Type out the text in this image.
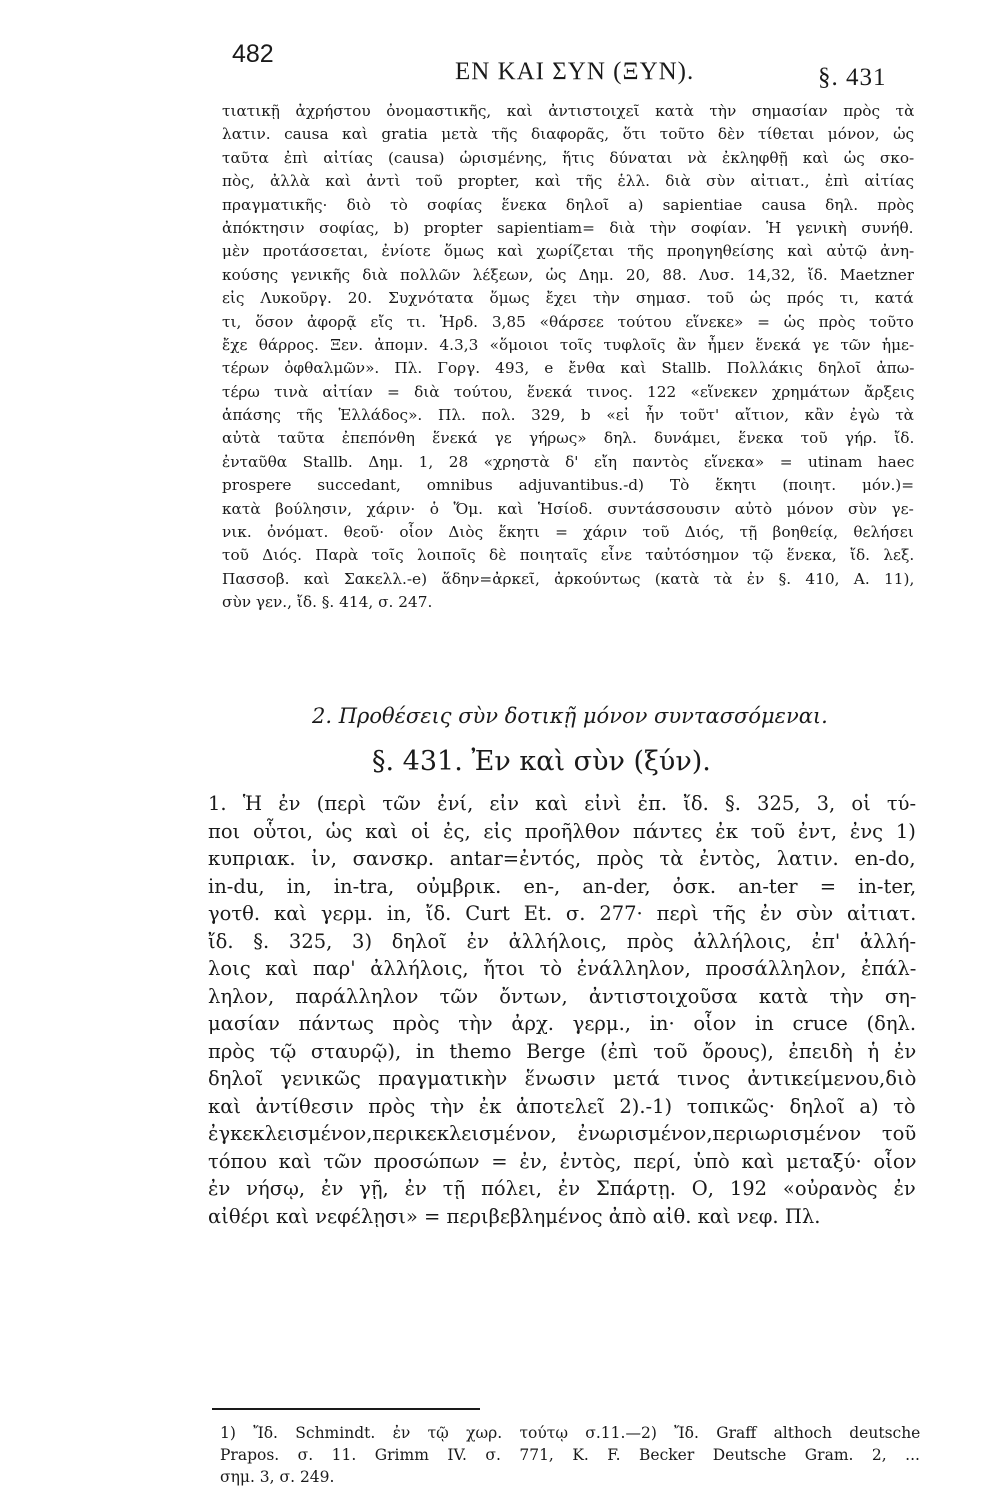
482
ΕΝ ΚΑΙ ΣΥΝ (ΞΥΝ).	§. 431
τιατικῇ ἀχρήστου ὀνομαστικῆς, καὶ ἀντιστοιχεῖ κατὰ τὴν σημασίαν πρὸς τὰ
λατιν. causa καὶ gratia μετὰ τῆς διαφορᾶς, ὅτι τοῦτο δὲν τίθεται μόνον, ὡς
ταῦτα ἐπὶ αἰτίας (causa) ὡρισμένης, ἥτις δύναται νὰ ἐκληφθῇ καὶ ὡς σκο-
πὸς, ἀλλὰ καὶ ἀντὶ τοῦ propter, καὶ τῆς ἑλλ. διὰ σὺν αἰτιατ., ἐπὶ αἰτίας
πραγματικῆς· διὸ τὸ σοφίας ἕνεκα δηλοῖ a) sapientiae causa δηλ. πρὸς
ἀπόκτησιν σοφίας, b) propter sapientiam= διὰ τὴν σοφίαν. Ἡ γενικὴ συνήθ.
μὲν προτάσσεται, ἐνίοτε ὅμως καὶ χωρίζεται τῆς προηγηθείσης καὶ αὐτῷ ἀνη-
κούσης γενικῆς διὰ πολλῶν λέξεων, ὡς Δημ. 20, 88. Λυσ. 14,32, ἴδ. Maetzner
εἰς Λυκοῦργ. 20. Συχνότατα ὅμως ἔχει τὴν σημασ. τοῦ ὡς πρός τι, κατά
τι, ὅσον ἀφορᾷ εἴς τι. Ἡρδ. 3,85 «θάρσεε τούτου εἵνεκε» = ὡς πρὸς τοῦτο
ἔχε θάρρος. Ξεν. ἀπομν. 4.3,3 «ὅμοιοι τοῖς τυφλοῖς ἂν ἦμεν ἕνεκά γε τῶν ἡμε-
τέρων ὀφθαλμῶν». Πλ. Γοργ. 493, e ἔνθα καὶ Stallb. Πολλάκις δηλοῖ ἀπω-
τέρω τινὰ αἰτίαν = διὰ τούτου, ἕνεκά τινος. 122 «εἵνεκεν χρημάτων ἄρξεις
ἁπάσης τῆς Ἑλλάδος». Πλ. πολ. 329, b «εἰ ἦν τοῦτ' αἴτιον, κἂν ἐγὼ τὰ
αὐτὰ ταῦτα ἐπεπόνθη ἕνεκά γε γήρως» δηλ. δυνάμει, ἕνεκα τοῦ γήρ. ἴδ.
ἐνταῦθα Stallb. Δημ. 1, 28 «χρηστὰ δ' εἴη παντὸς εἵνεκα» = utinam haec
prospere succedant, omnibus adjuvantibus.-d) Τὸ ἕκητι (ποιητ. μόν.)=
κατὰ βούλησιν, χάριν· ὁ Ὅμ. καὶ Ἡσίοδ. συντάσσουσιν αὐτὸ μόνον σὺν γε-
νικ. ὀνόματ. θεοῦ· οἷον Διὸς ἕκητι = χάριν τοῦ Διός, τῇ βοηθείᾳ, θελήσει
τοῦ Διός. Παρὰ τοῖς λοιποῖς δὲ ποιηταῖς εἶνε ταὐτόσημον τῷ ἕνεκα, ἴδ. λεξ.
Πασσοβ. καὶ Σακελλ.-e) ἅδην=ἀρκεῖ, ἀρκούντως (κατὰ τὰ ἐν §. 410, Α. 11),
σὺν γεν., ἴδ. §. 414, σ. 247.
2. Προθέσεις σὺν δοτικῇ μόνον συντασσόμεναι.
§. 431. Ἐν καὶ σὺν (ξύν).
1. Ἡ ἐν (περὶ τῶν ἐνί, εἰν καὶ εἰνὶ ἐπ. ἴδ. §. 325, 3, οἱ τύ-
ποι οὗτοι, ὡς καὶ οἱ ἐς, εἰς προῆλθον πάντες ἐκ τοῦ ἐντ, ἐνς 1)
κυπριακ. ἰν, σανσκρ. antar=ἐντός, πρὸς τὰ ἐντὸς, λατιν. en-do,
in-du, in, in-tra, οὐμβρικ. en-, an-der, ὀσκ. an-ter = in-ter,
γοτθ. καὶ γερμ. in, ἴδ. Curt Et. σ. 277· περὶ τῆς ἐν σὺν αἰτιατ.
ἴδ. §. 325, 3) δηλοῖ ἐν ἀλλήλοις, πρὸς ἀλλήλοις, ἐπ' ἀλλή-
λοις καὶ παρ' ἀλλήλοις, ἤτοι τὸ ἐνάλληλον, προσάλληλον, ἐπάλ-
ληλον, παράλληλον τῶν ὄντων, ἀντιστοιχοῦσα κατὰ τὴν ση-
μασίαν πάντως πρὸς τὴν ἀρχ. γερμ., in· οἷον in cruce (δηλ.
πρὸς τῷ σταυρῷ), in themo Berge (ἐπὶ τοῦ ὄρους), ἐπειδὴ ἡ ἐν
δηλοῖ γενικῶς πραγματικὴν ἕνωσιν μετά τινος ἀντικείμενου,διὸ
καὶ ἀντίθεσιν πρὸς τὴν ἐκ ἀποτελεῖ 2).-1) τοπικῶς· δηλοῖ a) τὸ
ἐγκεκλεισμένον,περικεκλεισμένον, ἐνωρισμένον,περιωρισμένον τοῦ
τόπου καὶ τῶν προσώπων = ἐν, ἐντὸς, περί, ὑπὸ καὶ μεταξύ· οἷον
ἐν νήσῳ, ἐν γῇ, ἐν τῇ πόλει, ἐν Σπάρτῃ. Ο, 192 «οὐρανὸς ἐν
αἰθέρι καὶ νεφέλῃσι» = περιβεβλημένος ἀπὸ αἰθ. καὶ νεφ. Πλ.
1) Ἴδ. Schmindt. ἐν τῷ χωρ. τούτῳ σ.11.—2) Ἴδ. Graff althoch deutsche
Prapos. σ. 11. Grimm IV. σ. 771, K. F. Becker Deutsche Gram. 2, ...
σημ. 3, σ. 249.
